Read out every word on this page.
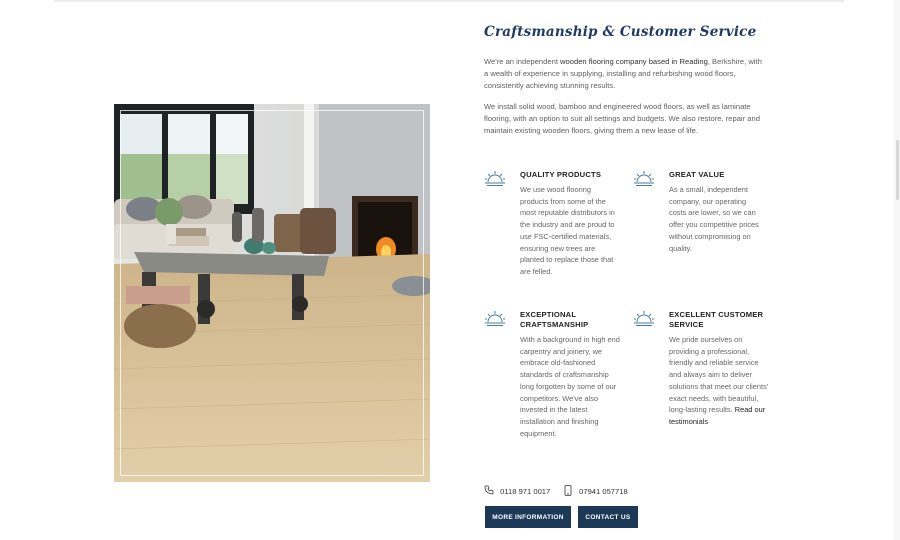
Craftsmanship & Customer Service

We're an independent wooden flooring company based in Reading, Berkshire, with a wealth of experience in supplying, installing and refurbishing wood floors, consistently achieving stunning results.

We install solid wood, bamboo and engineered wood floors, as well as laminate flooring, with an option to suit all settings and budgets. We also restore, repair and maintain existing wooden floors, giving them a new lease of life.

QUALITY PRODUCTS
We use wood flooring products from some of the most reputable distributors in the industry and are proud to use FSC-certified materials, ensuring new trees are planted to replace those that are felled.
GREAT VALUE
As a small, independent company, our operating costs are lower, so we can offer you competitive prices without compromising on quality.
EXCEPTIONAL CRAFTSMANSHIP
With a background in high end carpentry and joinery, we embrace old-fashioned standards of craftsmanship long forgotten by some of our competitors. We've also invested in the latest installation and finishing equipment.
EXCELLENT CUSTOMER SERVICE
We pride ourselves on providing a professional, friendly and reliable service and always aim to deliver solutions that meet our clients' exact needs, with beautiful, long-lasting results. Read our testimonials
0118 971 0017	07941 057718
MORE INFORMATION	CONTACT US
